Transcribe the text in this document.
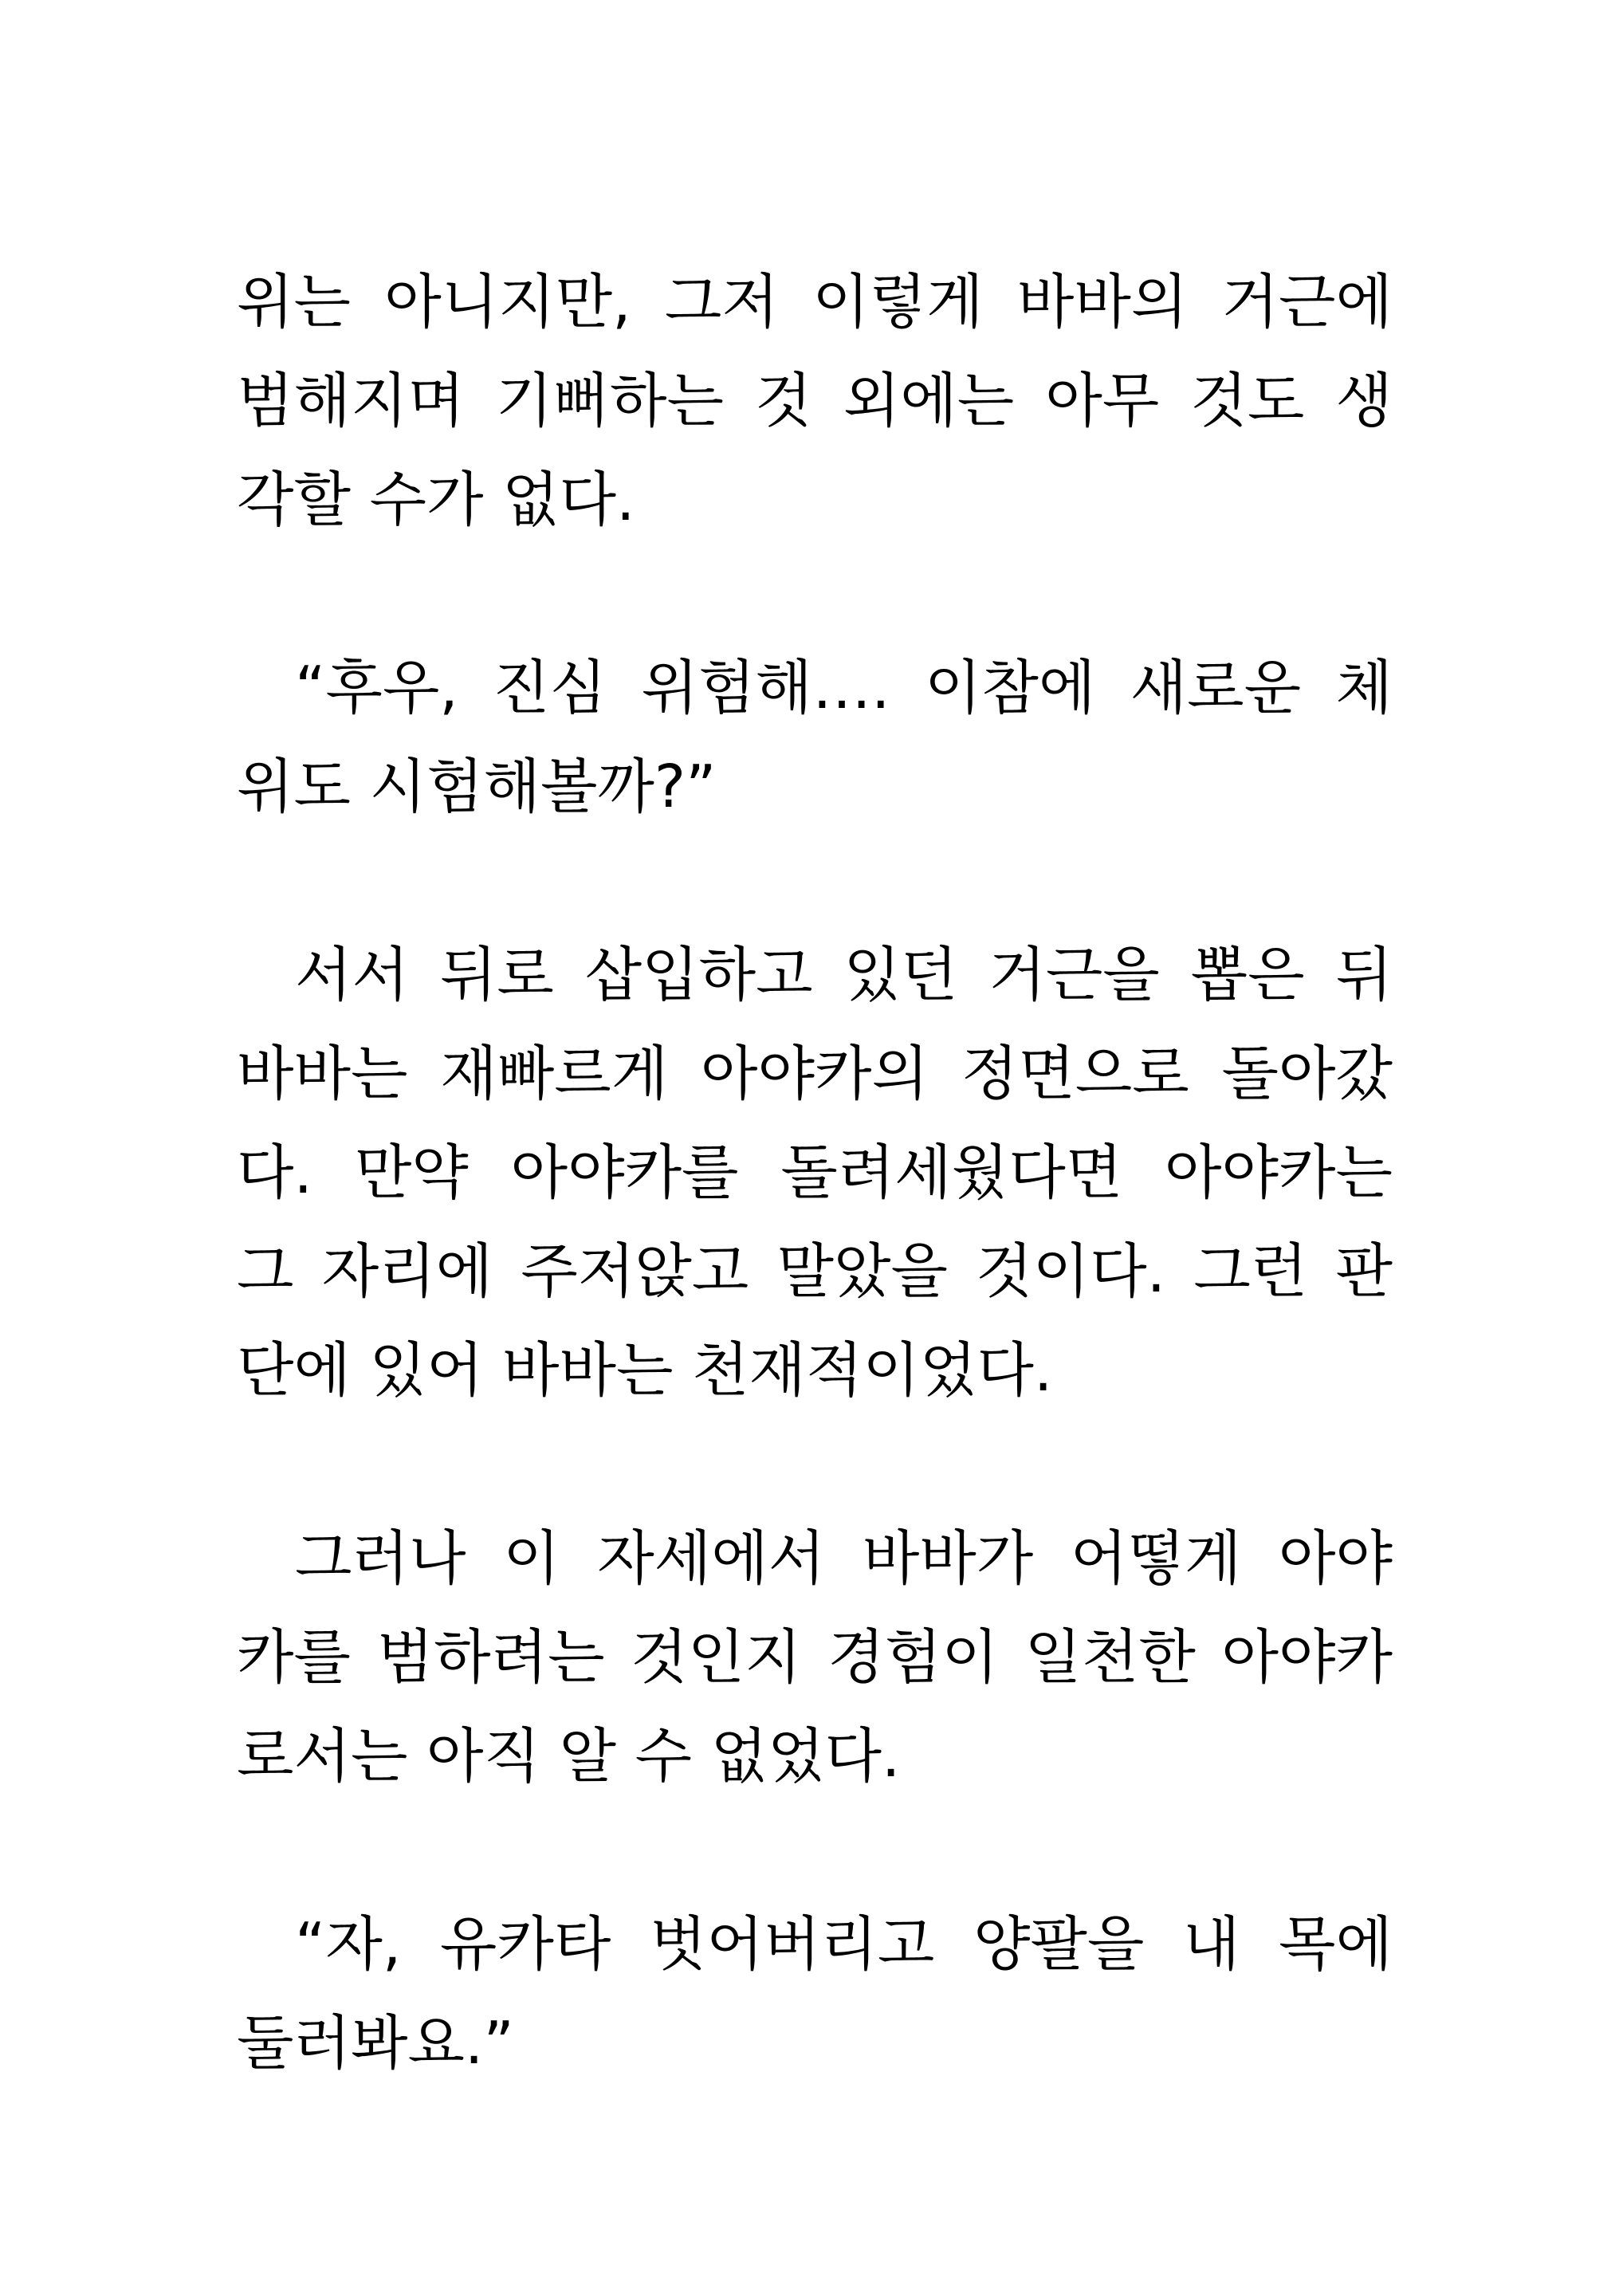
위는 아니지만, 그저 이렇게 바바의 거근에
범해지며 기뻐하는 것 외에는 아무 것도 생
각할 수가 없다.
“후우, 진심 위험해…. 이참에 새로운 체
위도 시험해볼까?”
서서 뒤로 삽입하고 있던 거근을 뽑은 뒤
바바는 재빠르게 아야카의 정면으로 돌아갔
다. 만약 아야카를 돌려세웠다면 아야카는
그 자리에 주저앉고 말았을 것이다. 그런 판
단에 있어 바바는 천재적이었다.
그러나 이 자세에서 바바가 어떻게 아야
카를 범하려는 것인지 경험이 일천한 아야카
로서는 아직 알 수 없었다.
“자, 유카타 벗어버리고 양팔을 내 목에
둘러봐요.”
